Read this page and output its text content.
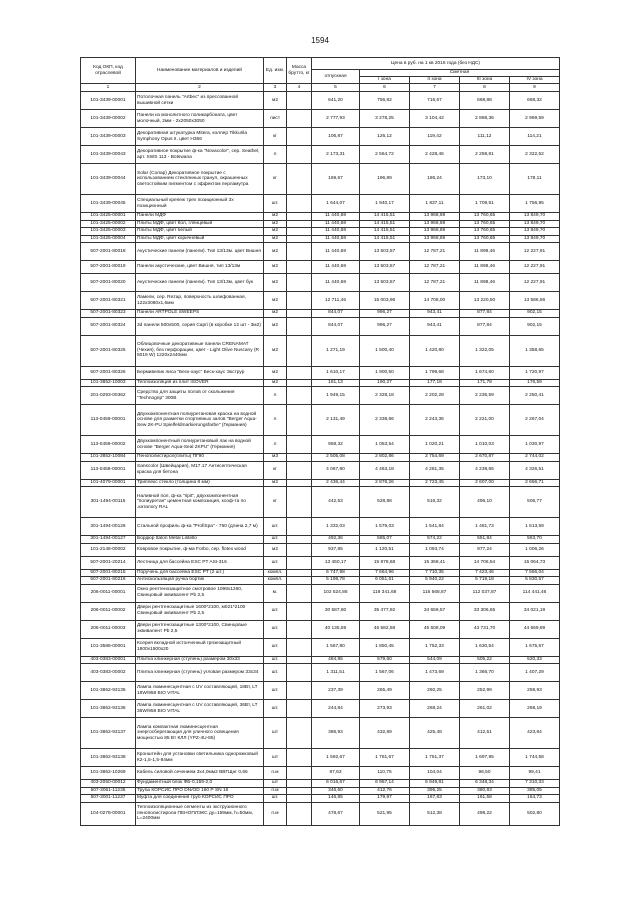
1594
Код ОКП, код отраслевой	Наименование материалов и изделий	Ед. изм.	Масса брутто, кг	Цена в руб. на 1 кв 2016 года (без НДС)				
				отпускная	Сметная			
					I зона	II зона	III зона	IV зона
1	2	3	4	5	6	7	8	9
101-3439-00001	Потолочная панель "Artbec" из прессованной вышивной сетки	м2		641,20	756,82	716,67	668,88	668,32
101-3439-00002	Панели из монолитного поликарбоната, цвет молочный, 2мм - 2х2050х3050	лист		2 777,93	3 278,25	3 104,42	2 868,36	2 969,59
101-3439-00003	Декоративная штукатурка Mitera, коллер Tikkurila Symphony Opus II, цвет H366	кг		106,87	126,12	119,42	111,12	114,21
101-3439-00043	Декоративное покрытие ф-ка "Novacolor", сер. Seathel, арт. SWS 113 - Botswana	л		2 173,31	2 564,72	2 428,46	2 259,81	2 322,52
101-3439-00044	Solar (Солар) Декоративное покрытие с использованием стеклянных гранул, окрашенных светостойким пигментом с эффектом перламутра	кг		169,67	196,89	186,24	173,10	178,11
101-3439-00045	Специальный крепеж трех позиционный 3х позиционный	шт.		1 644,07	1 940,17	1 837,11	1 709,51	1 756,95
101-3425-00001	Панели МДФ	м2		11 440,68	14 415,51	13 968,69	13 760,65	13 849,70
101-3425-00002	Плиты МДФ, цвет Кол, глянцевый	м2		11 440,68	14 415,51	13 968,69	13 760,65	13 849,70
101-3425-00003	Плиты МДФ, цвет белый	м2		11 440,68	14 415,51	13 968,69	13 760,65	13 849,70
101-3425-00004	Плиты МДФ, цвет коричневый	м2		11 440,68	14 415,51	13 968,69	13 760,65	13 849,70
507-2001-80018	Акустические панели (панели). Тип 13/13м. цвет Вишня	м2		11 440,68	13 503,57	12 787,21	11 898,46	12 227,91
507-2001-80019	Панели акустические, цвет Вишня, тип 13/13м	м2		11 440,68	13 503,57	12 787,21	11 898,46	12 227,91
507-2001-80020	Акустические панели (панели). Тип 13/13м, цвет бук	м2		11 440,68	13 503,57	12 787,21	11 898,46	12 227,91
507-2001-80321	Ламели, сер. Rezap, поверхность шлифованная, 122х3080х1,6мм	м2		12 711,46	15 003,96	14 708,00	13 220,50	13 586,56
507-2001-80323	Панели ARTPOLE SWEEPS	м2		844,07	996,27	943,41	877,84	902,15
507-2001-80324	3d панели 500х500, серия Capri (в коробке 12 шт - 3м2)	м2		844,07	996,27	943,41	877,84	902,15
507-2001-80325	Облицовочные декоративные панели CRENAMAT (Чехия), без перфорации, цвет - Light Olive Nuscany (R 5019 W) 1220х2440мм	м2		1 271,19	1 500,40	1 420,80	1 322,05	1 358,65
507-2001-80326	Бермивелик лиса "Беск-хаус" Беск-хаус Экструр	м2		1 610,17	1 900,50	1 799,68	1 674,60	1 720,97
101-3852-10003	Теплоизоляция из плит ISOVER	м2		161,13	190,27	177,18	171,78	176,59
201-0293-00362	Средство для защиты полов от скольжения "Technogrip" 300B	л		1 949,15	2 328,18	2 202,28	2 236,59	2 250,41
113-0459-00001	Двухкомпонентная полиуретановая краска на водной основе для разметки спортивных залов "Berger Aqua-Sew 2K-PU Spielfeldmarkierungsfarbe" (Германия)	л		2 131,49	2 338,66	2 243,36	2 221,00	2 267,04
113-0459-00002	Двухкомпонентный полиуретановый лак на водной основе "Berger Aqua-Seal 2KPU" (Германия)	л		958,32	1 053,54	1 020,21	1 010,03	1 030,97
101-3852-10084	Пенополистирол(плиты) ПГ90	м3		2 505,08	2 802,86	2 754,69	2 670,87	2 744,02
113-0458-00001	Sanscolor (Швейцария), M17.17 Антисептическая краска для бетона	кг		4 067,80	4 463,18	4 281,35	4 238,65	4 326,51
101-4079-00001	Триплекс стекло (толщина 8 мм)	м2		2 436,44	2 876,26	2 723,45	2 607,00	2 656,71
301-1494-00115	Наливной пол, ф-ка "ripit", двухкомпонентная "полиуретан" цементная композиция, коэф-та по .каталогу RAL	кг		442,53	528,88	516,32	496,10	506,77
301-1494-00126	Стальной профиль ф-ка "ProfiSpa" - 750 (длина 2,7 м)	шт.		1 332,03	1 579,03	1 541,84	1 481,73	1 513,59
301-1494-00127	Бордюр Italon Metal Listello	шт.		492,36	585,07	574,22	551,84	563,70
101-2146-00002	Ковровое покрытие, ф-ма Forbo, сер. flotex wood	м2		937,85	1 120,51	1 093,74	977,24	1 006,26
507-2001-20214	Лестница для бассейна ESC PT ASI-316	шт.		13 450,17	15 878,68	15 368,41	14 706,54	15 064,73
507-2001-80215	Поручень для бассейна ESC PT (2 шт.)	компл.		6 747,98	7 664,96	7 710,35	7 423,46	7 566,04
507-2001-80216	Антискользящая ручка бортик	компл.		5 198,78	6 051,61	5 940,22	5 719,18	5 830,57
206-0011-00001	Окно рентгенозащитное смотровое 1098х1260, Свинцовый эквивалент Pb 2,5	м.		102 524,86	119 341,68	116 568,87	112 037,87	114 441,46
206-0011-00002	Двери рентгенозащитные 1600*2100, м021*2100 Свинцовый эквивалент Pb 2,5	шт.		30 587,80	35 477,92	34 659,57	33 306,65	34 021,19
206-0011-00003	Двери рентгенозащитные 1300*2100, Свинцовые эквивалент Pb 2,5	шт.		40 135,59	46 582,58	45 508,09	43 731,70	44 669,89
101-3586-00001	Ксерия вкладной истонченный грязезащитный 1800х1500х20	шт.		1 567,80	1 850,45	1 752,33	1 630,54	1 675,57
403-0383-00001	Плитка клинкерная (ступень) размером 30х33	шт.		484,95	579,60	544,09	505,22	520,33
403-0383-00002	Плитка клинкерная (ступень) угловая размером 33х34	шт.		1 311,51	1 567,06	1 473,69	1 366,70	1 407,29
101-3862-93135	Лампа люминесцентная с UV составляющей, 18Вт, LT 18W/958 BIO VITAL	шт.		237,39	265,49	260,25	252,99	259,93
101-3862-93136	Лампа люминесцентная с UV составляющей, 36Вт, LT 36W/958 BIO VITAL	шт.		244,84	273,93	268,24	261,02	268,19
101-3862-93137	Лампа компактная люминесцентная энергосберегающая для уличного освещения мощностью 85 Вт КЛЛ (YPZ-4U-85)	шт		386,93	432,89	425,48	412,51	423,84
101-3862-93138	Кронштейн для установки светильника однорожковый К2-1,5-1,5-84мм	шт		1 592,67	1 781,67	1 751,37	1 697,95	1 744,58
101-3862-10269	Кабель силовой сечением 3х4,0мм2 ВВГЩнг 0,66	п.м		87,63	110,75	104,04	96,50	99,41
403-2050-00012	Фундаментный блок ФБ-0,159-2,0	шт		6 016,67	6 957,14	6 949,81	6 348,34	7 310,33
507-3061-11236	Труба КОРСИС ПРО DN/OD 160 Р SN 16	п.м		346,60	412,76	395,25	380,83	385,05
507-3001-11237	Муфта для соединения труб КОРСИС ПРО	шт.		146,85	179,97	167,83	161,58	164,73
104-0278-00001	Теплоизоляционные сегменты из экструзионного пенополистирола ПЕНОПЛЭКС ду=159мм, h=50мм, L=2400мм	п.м		478,67	521,95	512,38	498,22	502,80
